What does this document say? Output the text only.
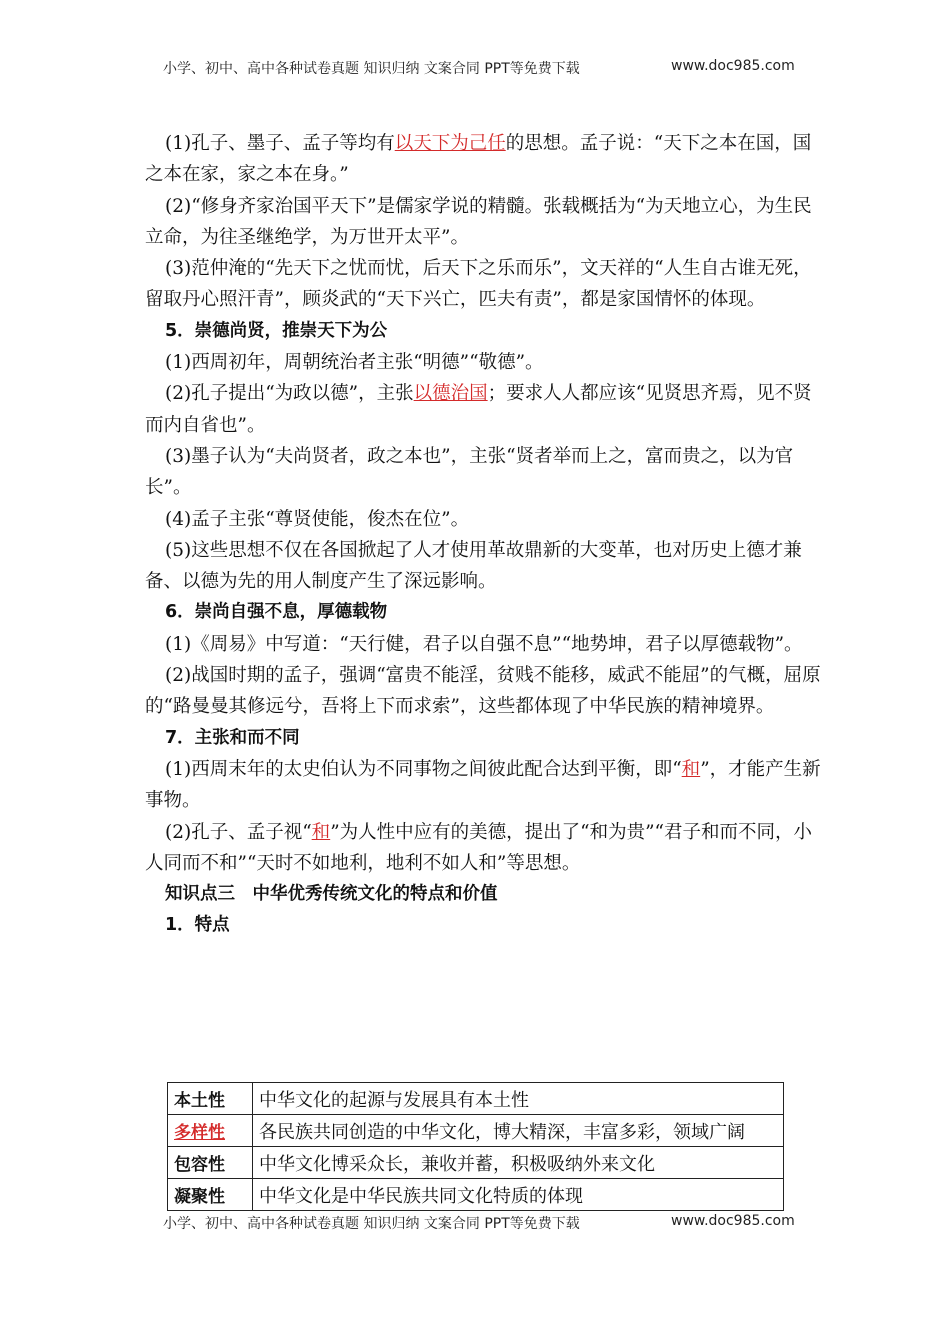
小学、初中、高中各种试卷真题 知识归纳 文案合同 PPT等免费下载	www.doc985.com

(1)孔子、墨子、孟子等均有以天下为己任的思想。孟子说：“天下之本在国，国之本在家，家之本在身。”

(2)“修身齐家治国平天下”是儒家学说的精髓。张载概括为“为天地立心，为生民立命，为往圣继绝学，为万世开太平”。

(3)范仲淹的“先天下之忧而忧，后天下之乐而乐”，文天祥的“人生自古谁无死，留取丹心照汗青”，顾炎武的“天下兴亡，匹夫有责”，都是家国情怀的体现。

5．崇德尚贤，推崇天下为公

(1)西周初年，周朝统治者主张“明德”“敬德”。

(2)孔子提出“为政以德”，主张以德治国；要求人人都应该“见贤思齐焉，见不贤而内自省也”。

(3)墨子认为“夫尚贤者，政之本也”，主张“贤者举而上之，富而贵之，以为官长”。

(4)孟子主张“尊贤使能，俊杰在位”。

(5)这些思想不仅在各国掀起了人才使用革故鼎新的大变革，也对历史上德才兼备、以德为先的用人制度产生了深远影响。

6．崇尚自强不息，厚德载物

(1)《周易》中写道：“天行健，君子以自强不息”“地势坤，君子以厚德载物”。

(2)战国时期的孟子，强调“富贵不能淫，贫贱不能移，威武不能屈”的气概，屈原的“路曼曼其修远兮，吾将上下而求索”，这些都体现了中华民族的精神境界。

7．主张和而不同

(1)西周末年的太史伯认为不同事物之间彼此配合达到平衡，即“和”，才能产生新事物。

(2)孔子、孟子视“和”为人性中应有的美德，提出了“和为贵”“君子和而不同，小人同而不和”“天时不如地利，地利不如人和”等思想。

知识点三　中华优秀传统文化的特点和价值

1．特点

本土性	中华文化的起源与发展具有本土性
多样性	各民族共同创造的中华文化，博大精深，丰富多彩，领域广阔
包容性	中华文化博采众长，兼收并蓄，积极吸纳外来文化
凝聚性	中华文化是中华民族共同文化特质的体现
小学、初中、高中各种试卷真题 知识归纳 文案合同 PPT等免费下载	www.doc985.com
